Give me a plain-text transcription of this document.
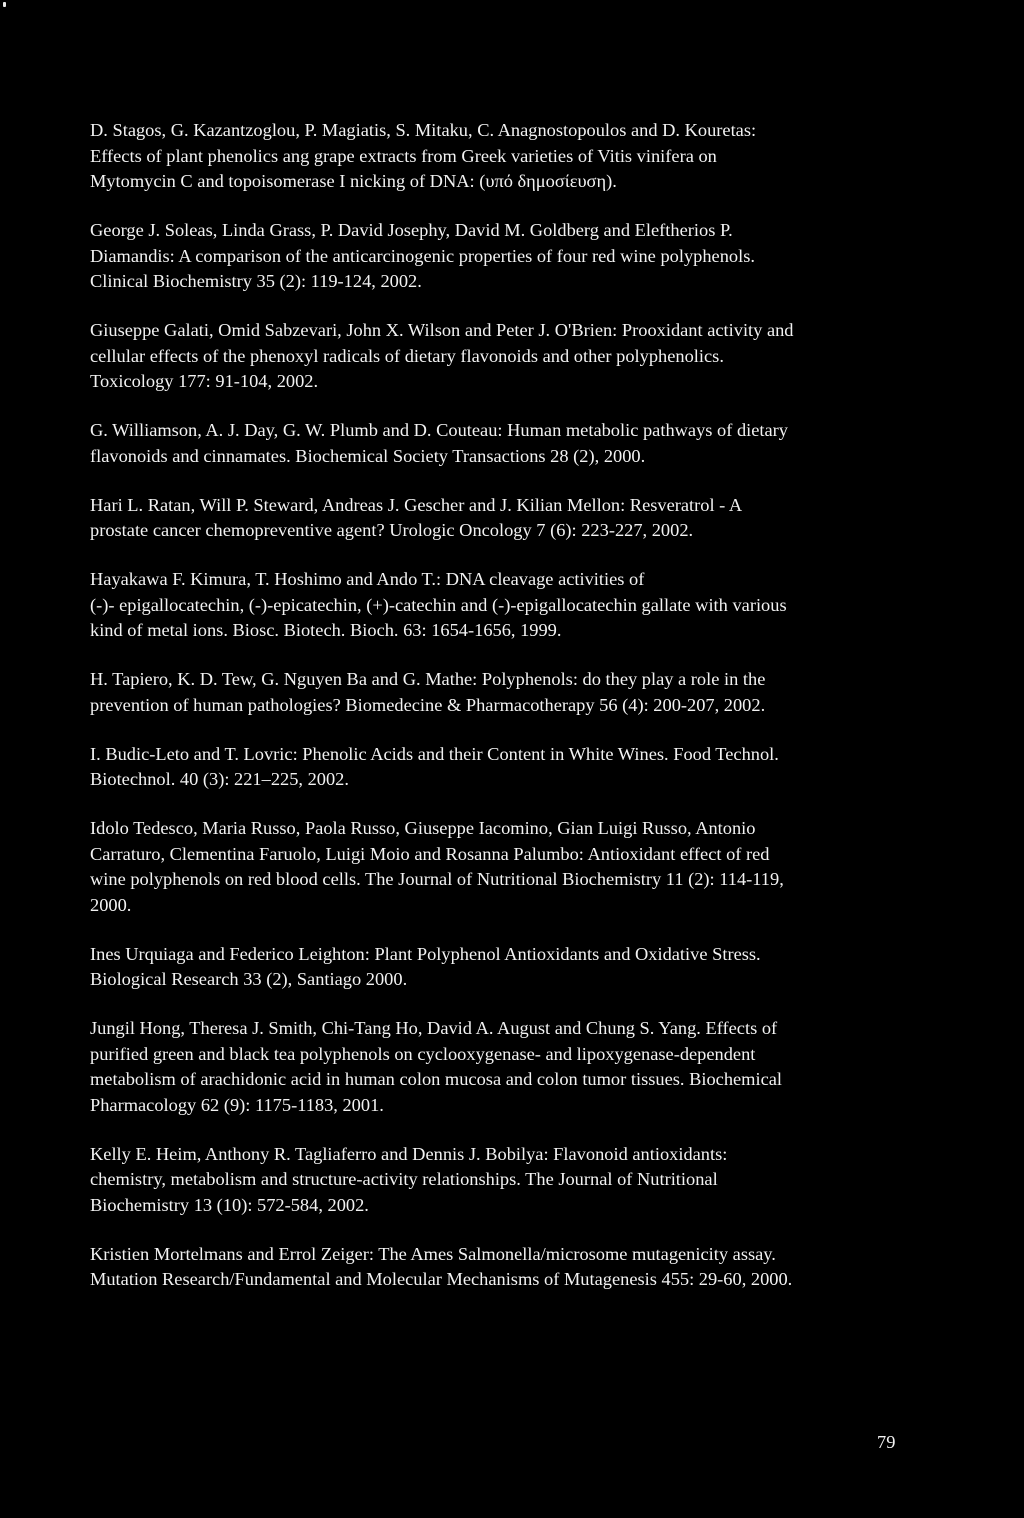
D. Stagos, G. Kazantzoglou, P. Magiatis, S. Mitaku, C. Anagnostopoulos and D. Kouretas:
Effects of plant phenolics ang grape extracts from Greek varieties of Vitis vinifera on
Mytomycin C and topoisomerase I nicking of DNA: (υπό δημοσίευση).

George J. Soleas, Linda Grass, P. David Josephy, David M. Goldberg and Eleftherios P.
Diamandis: A comparison of the anticarcinogenic properties of four red wine polyphenols.
Clinical Biochemistry 35 (2): 119-124, 2002.

Giuseppe Galati, Omid Sabzevari, John X. Wilson and Peter J. O'Brien: Prooxidant activity and
cellular effects of the phenoxyl radicals of dietary flavonoids and other polyphenolics.
Toxicology 177: 91-104, 2002.

G. Williamson, A. J. Day, G. W. Plumb and D. Couteau: Human metabolic pathways of dietary
flavonoids and cinnamates. Biochemical Society Transactions 28 (2), 2000.

Hari L. Ratan, Will P. Steward, Andreas J. Gescher and J. Kilian Mellon: Resveratrol - A
prostate cancer chemopreventive agent? Urologic Oncology 7 (6): 223-227, 2002.

Hayakawa F. Kimura, T. Hoshimo and Ando T.: DNA cleavage activities of
(-)- epigallocatechin, (-)-epicatechin, (+)-catechin and (-)-epigallocatechin gallate with various
kind of metal ions. Biosc. Biotech. Bioch. 63: 1654-1656, 1999.

H. Tapiero, K. D. Tew, G. Nguyen Ba and G. Mathe: Polyphenols: do they play a role in the
prevention of human pathologies? Biomedecine & Pharmacotherapy 56 (4): 200-207, 2002.

I. Budic-Leto and T. Lovric: Phenolic Acids and their Content in White Wines. Food Technol.
Biotechnol. 40 (3): 221–225, 2002.

Idolo Tedesco, Maria Russo, Paola Russo, Giuseppe Iacomino, Gian Luigi Russo, Antonio
Carraturo, Clementina Faruolo, Luigi Moio and Rosanna Palumbo: Antioxidant effect of red
wine polyphenols on red blood cells. The Journal of Nutritional Biochemistry 11 (2): 114-119,
2000.

Ines Urquiaga and Federico Leighton: Plant Polyphenol Antioxidants and Oxidative Stress.
Biological Research 33 (2), Santiago 2000.

Jungil Hong, Theresa J. Smith, Chi-Tang Ho, David A. August and Chung S. Yang. Effects of
purified green and black tea polyphenols on cyclooxygenase- and lipoxygenase-dependent
metabolism of arachidonic acid in human colon mucosa and colon tumor tissues. Biochemical
Pharmacology 62 (9): 1175-1183, 2001.

Kelly E. Heim, Anthony R. Tagliaferro and Dennis J. Bobilya: Flavonoid antioxidants:
chemistry, metabolism and structure-activity relationships. The Journal of Nutritional
Biochemistry 13 (10): 572-584, 2002.

Kristien Mortelmans and Errol Zeiger: The Ames Salmonella/microsome mutagenicity assay.
Mutation Research/Fundamental and Molecular Mechanisms of Mutagenesis 455: 29-60, 2000.

79
